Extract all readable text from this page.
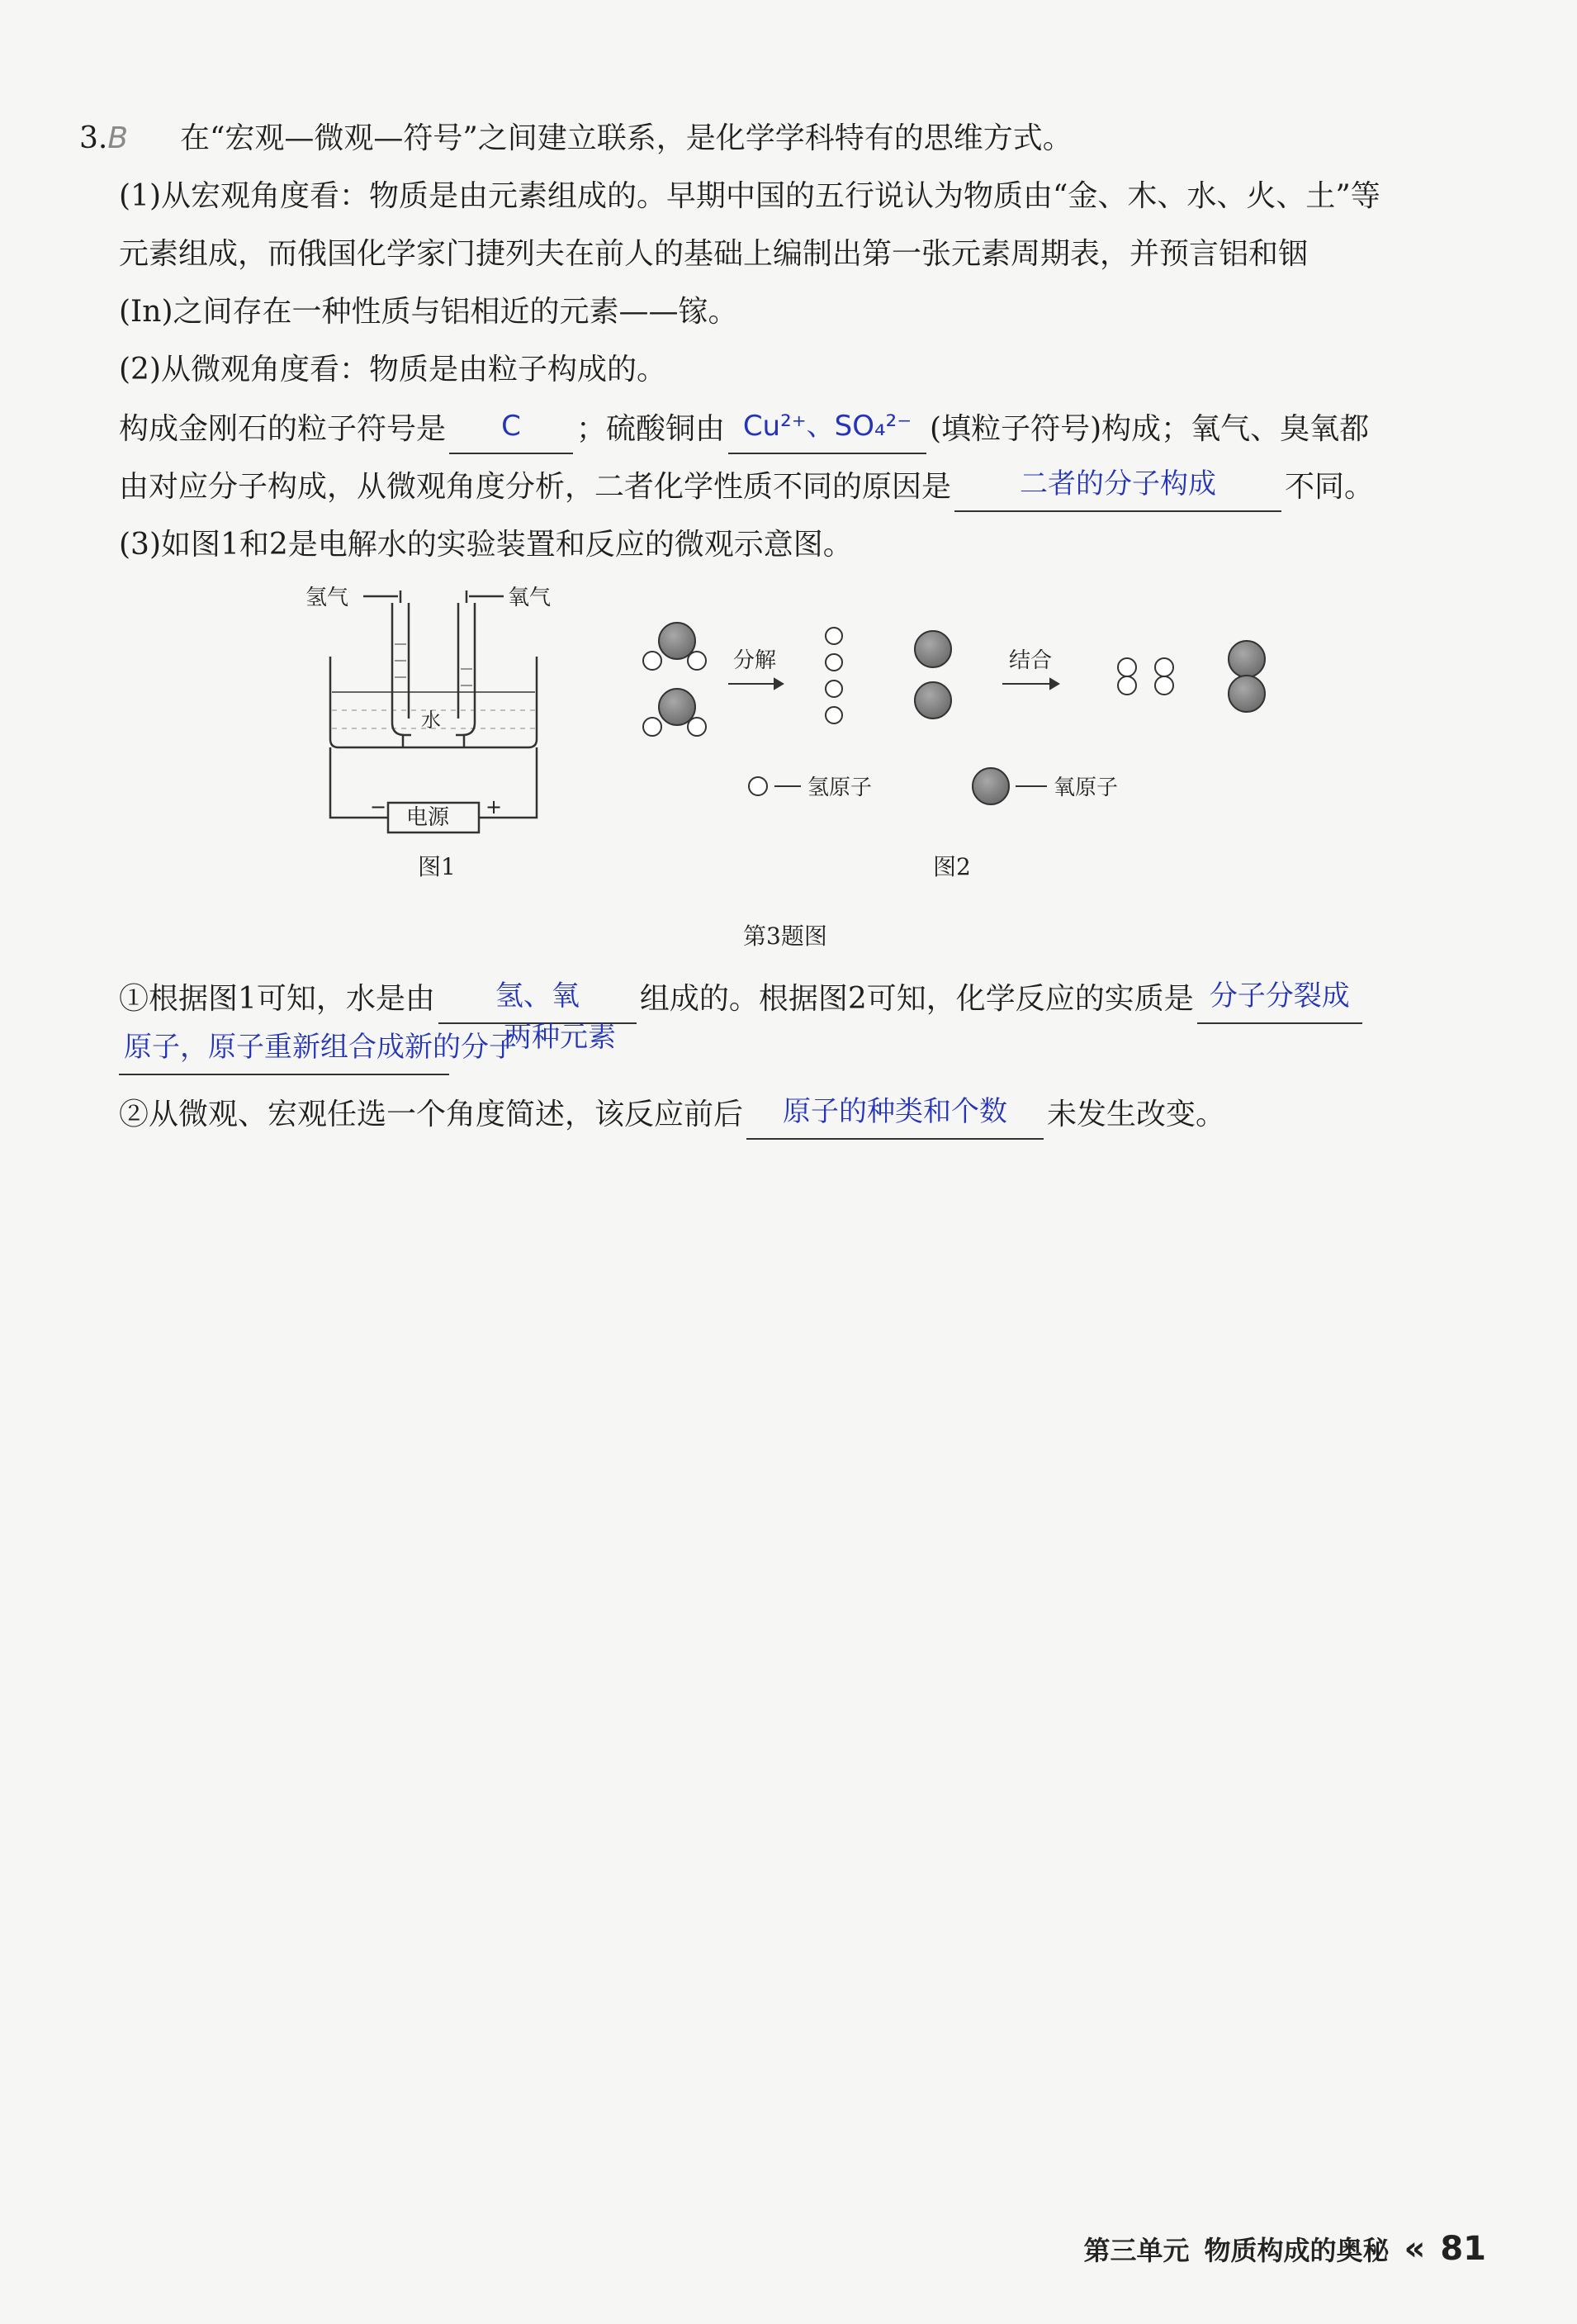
3.B 在“宏观—微观—符号”之间建立联系，是化学学科特有的思维方式。
(1)从宏观角度看：物质是由元素组成的。早期中国的五行说认为物质由“金、木、水、火、土”等
元素组成，而俄国化学家门捷列夫在前人的基础上编制出第一张元素周期表，并预言铝和铟
(In)之间存在一种性质与铝相近的元素——镓。
(2)从微观角度看：物质是由粒子构成的。
构成金刚石的粒子符号是	C	；硫酸铜由 Cu²⁺、SO₄²⁻ (填粒子符号)构成；氧气、臭氧都
由对应分子构成，从微观角度分析，二者化学性质不同的原因是	二者的分子构成	不同。
(3)如图1和2是电解水的实验装置和反应的微观示意图。
氢气	氧气
水
电源
−	+
图1
分解	结合
氢原子	氧原子
图2
第3题图
①根据图1可知，水是由	氢、氧	组成的。根据图2可知，化学反应的实质是 分子分裂成
两种元素
原子，原子重新组合成新的分子
②从微观、宏观任选一个角度简述，该反应前后	原子的种类和个数	未发生改变。
第三单元 物质构成的奥秘 « 81
